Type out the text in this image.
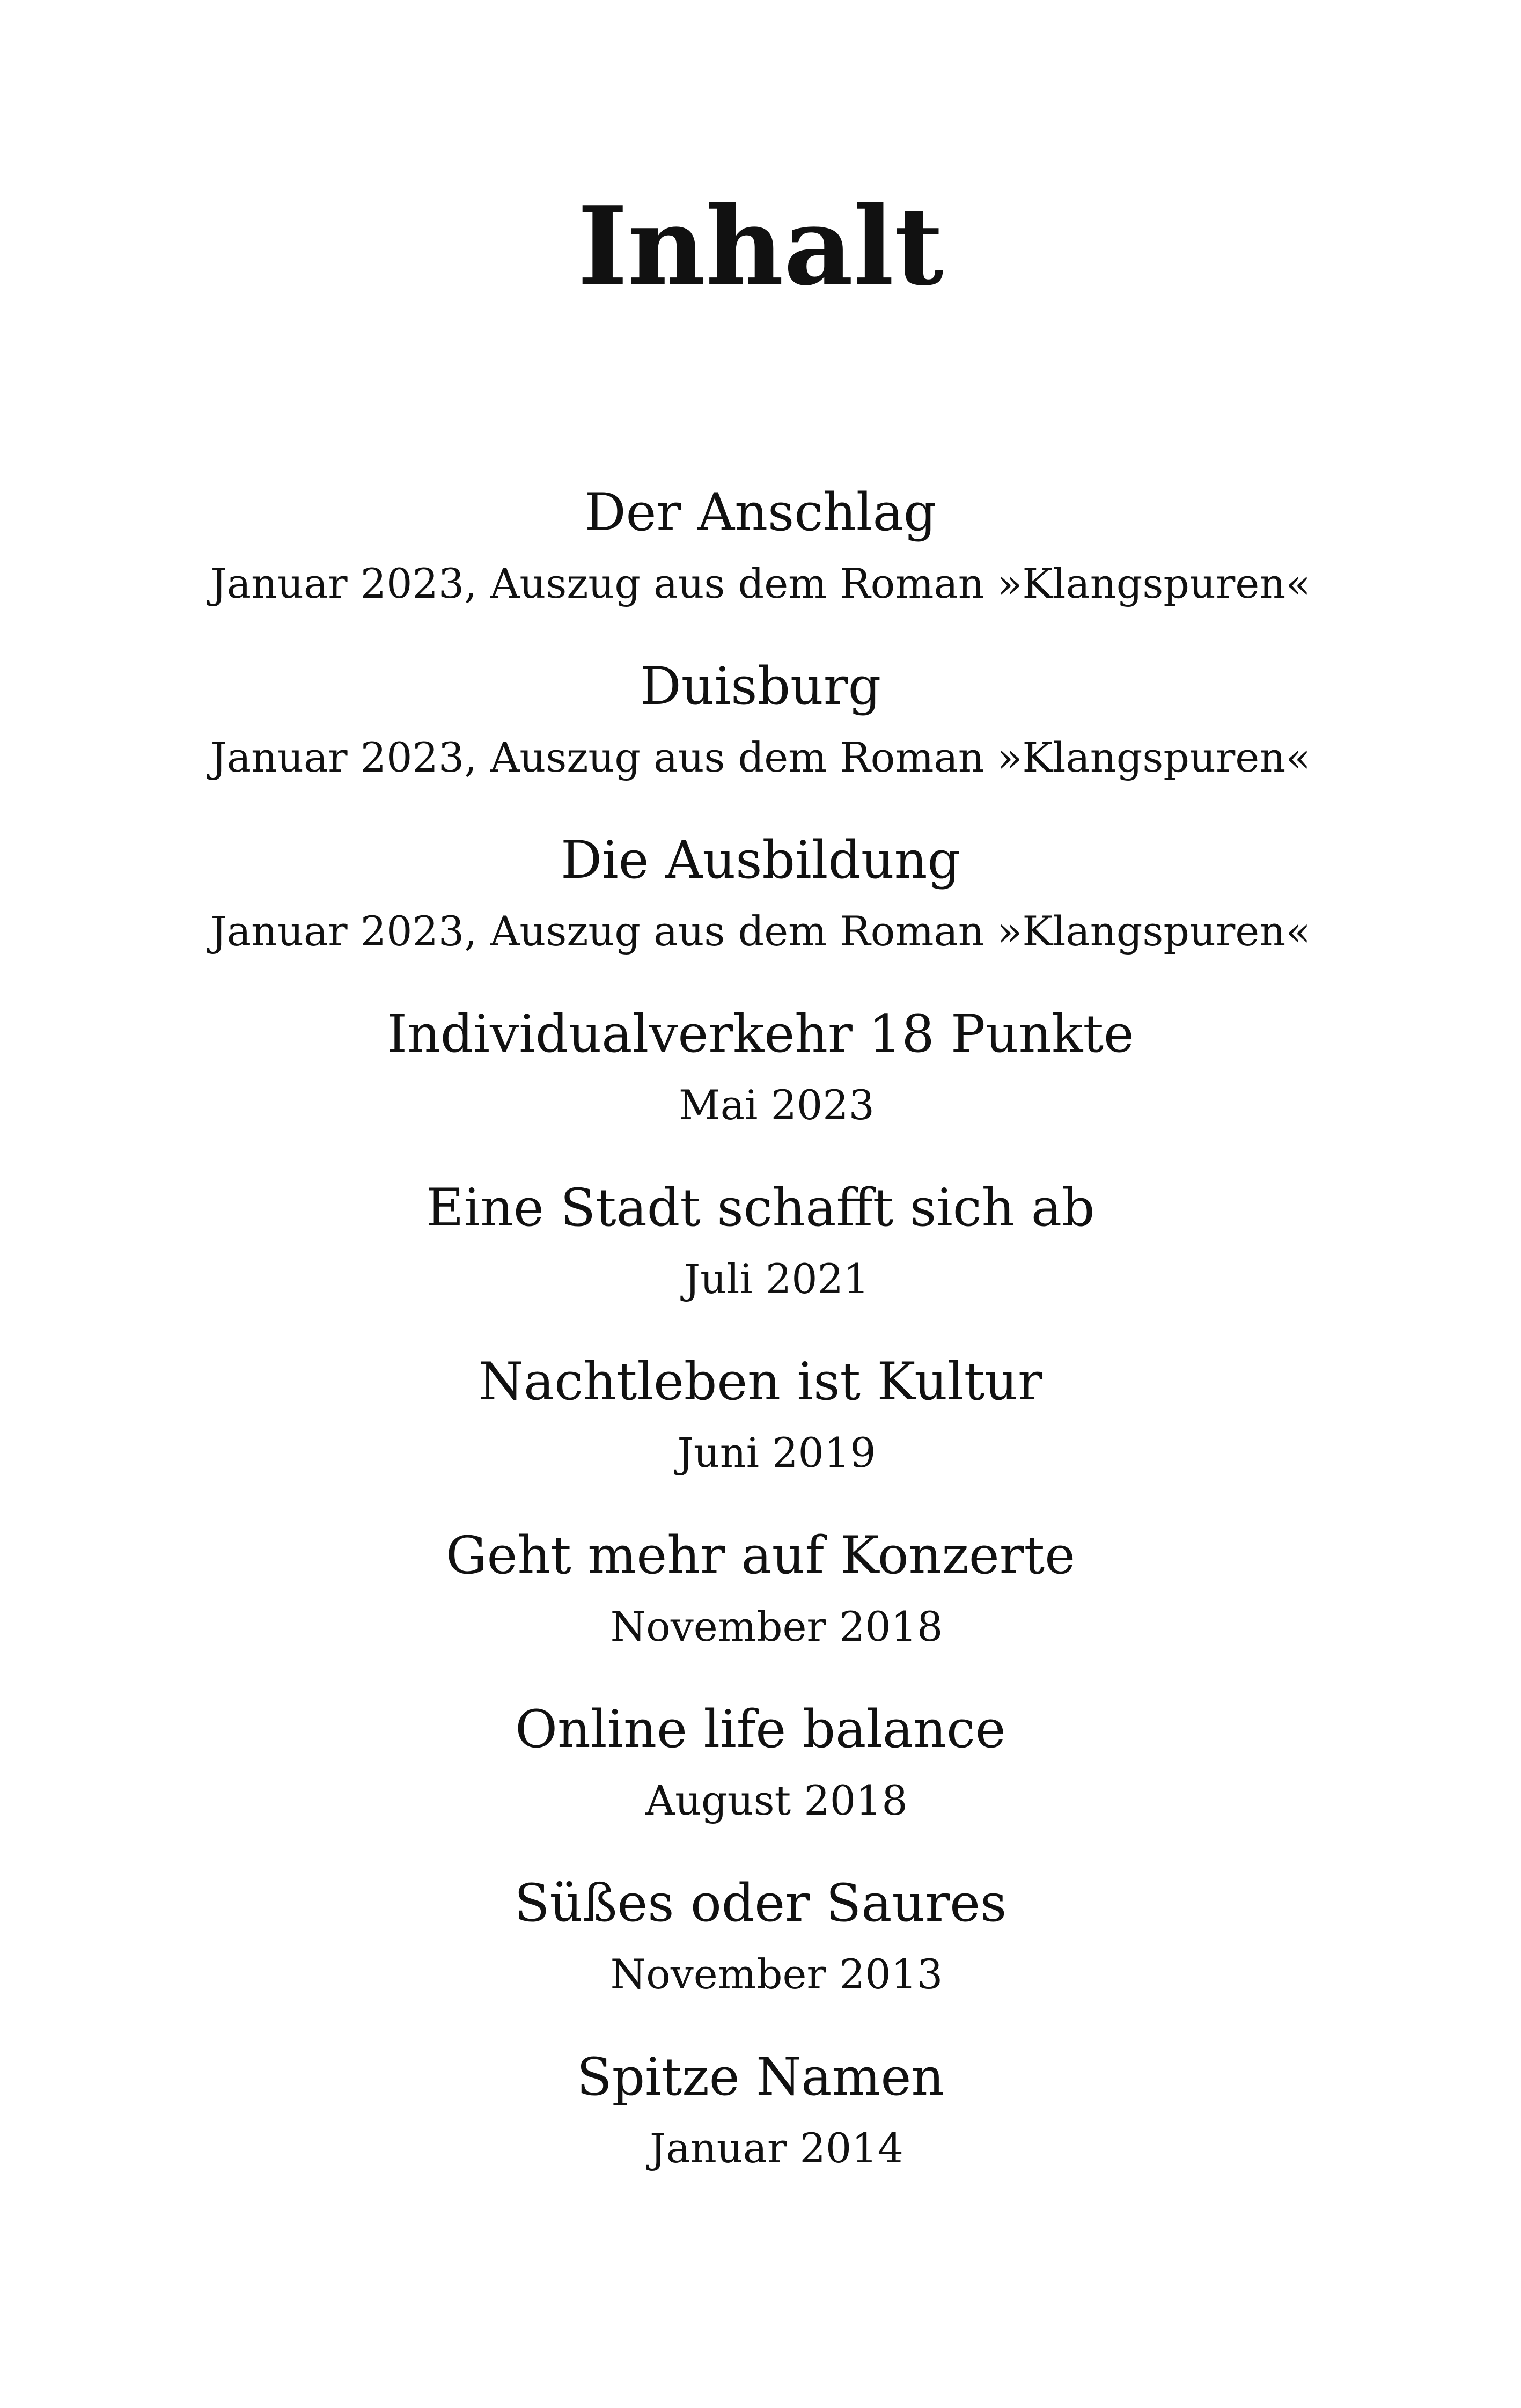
Inhalt
Der Anschlag
Januar 2023, Auszug aus dem Roman »Klangspuren«
Duisburg
Januar 2023, Auszug aus dem Roman »Klangspuren«
Die Ausbildung
Januar 2023, Auszug aus dem Roman »Klangspuren«
Individualverkehr 18 Punkte
Mai 2023
Eine Stadt schafft sich ab
Juli 2021
Nachtleben ist Kultur
Juni 2019
Geht mehr auf Konzerte
November 2018
Online life balance
August 2018
Süßes oder Saures
November 2013
Spitze Namen
Januar 2014
